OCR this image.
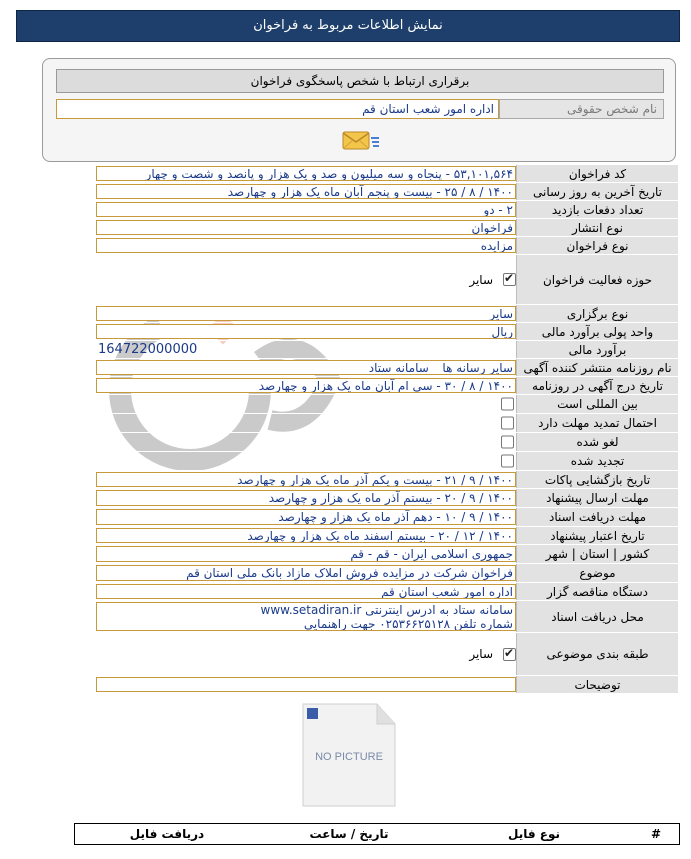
نمایش اطلاعات مربوط به فراخوان
برقراری ارتباط با شخص پاسخگوی فراخوان
نام شخص حقوقی
اداره امور شعب استان قم
کد فراخوان
۵۳,۱۰۱,۵۶۴ - پنجاه و سه میلیون و صد و یک هزار و پانصد و شصت و چهار
تاریخ آخرین به روز رسانی
۲۵ / ۸ / ۱۴۰۰ - بیست و پنجم آبان ماه یک هزار و چهارصد
تعداد دفعات بازدید
۲ - دو
نوع انتشار
فراخوان
نوع فراخوان
مزایده
حوزه فعالیت فراخوان
✔
سایر
نوع برگزاری
سایر
واحد پولی برآورد مالی
ریال
برآورد مالی
164722000000
نام روزنامه منتشر کننده آگهی
سایر رسانه ها _ سامانه ستاد
تاریخ درج آگهی در روزنامه
۳۰ / ۸ / ۱۴۰۰ - سی ام آبان ماه یک هزار و چهارصد
بین المللی است
احتمال تمدید مهلت دارد
لغو شده
تجدید شده
تاریخ بازگشایی پاکات
۲۱ / ۹ / ۱۴۰۰ - بیست و یکم آذر ماه یک هزار و چهارصد
مهلت ارسال پیشنهاد
۲۰ / ۹ / ۱۴۰۰ - بیستم آذر ماه یک هزار و چهارصد
مهلت دریافت اسناد
۱۰ / ۹ / ۱۴۰۰ - دهم آذر ماه یک هزار و چهارصد
تاریخ اعتبار پیشنهاد
۲۰ / ۱۲ / ۱۴۰۰ - بیستم اسفند ماه یک هزار و چهارصد
کشور | استان | شهر
جمهوری اسلامی ایران - قم - قم
موضوع
فراخوان شرکت در مزایده فروش املاک مازاد بانک ملی استان قم
دستگاه مناقصه گزار
اداره امور شعب استان قم
محل دریافت اسناد
سامانه ستاد به ادرس اینترنتی www.setadiran.ir
شماره تلفن ۰۲۵۳۶۶۲۵۱۲۸ جهت راهنمایی
طبقه بندی موضوعی
✔
سایر
توضیحات
NO PICTURE
#
نوع فایل
تاریخ / ساعت
دریافت فایل
